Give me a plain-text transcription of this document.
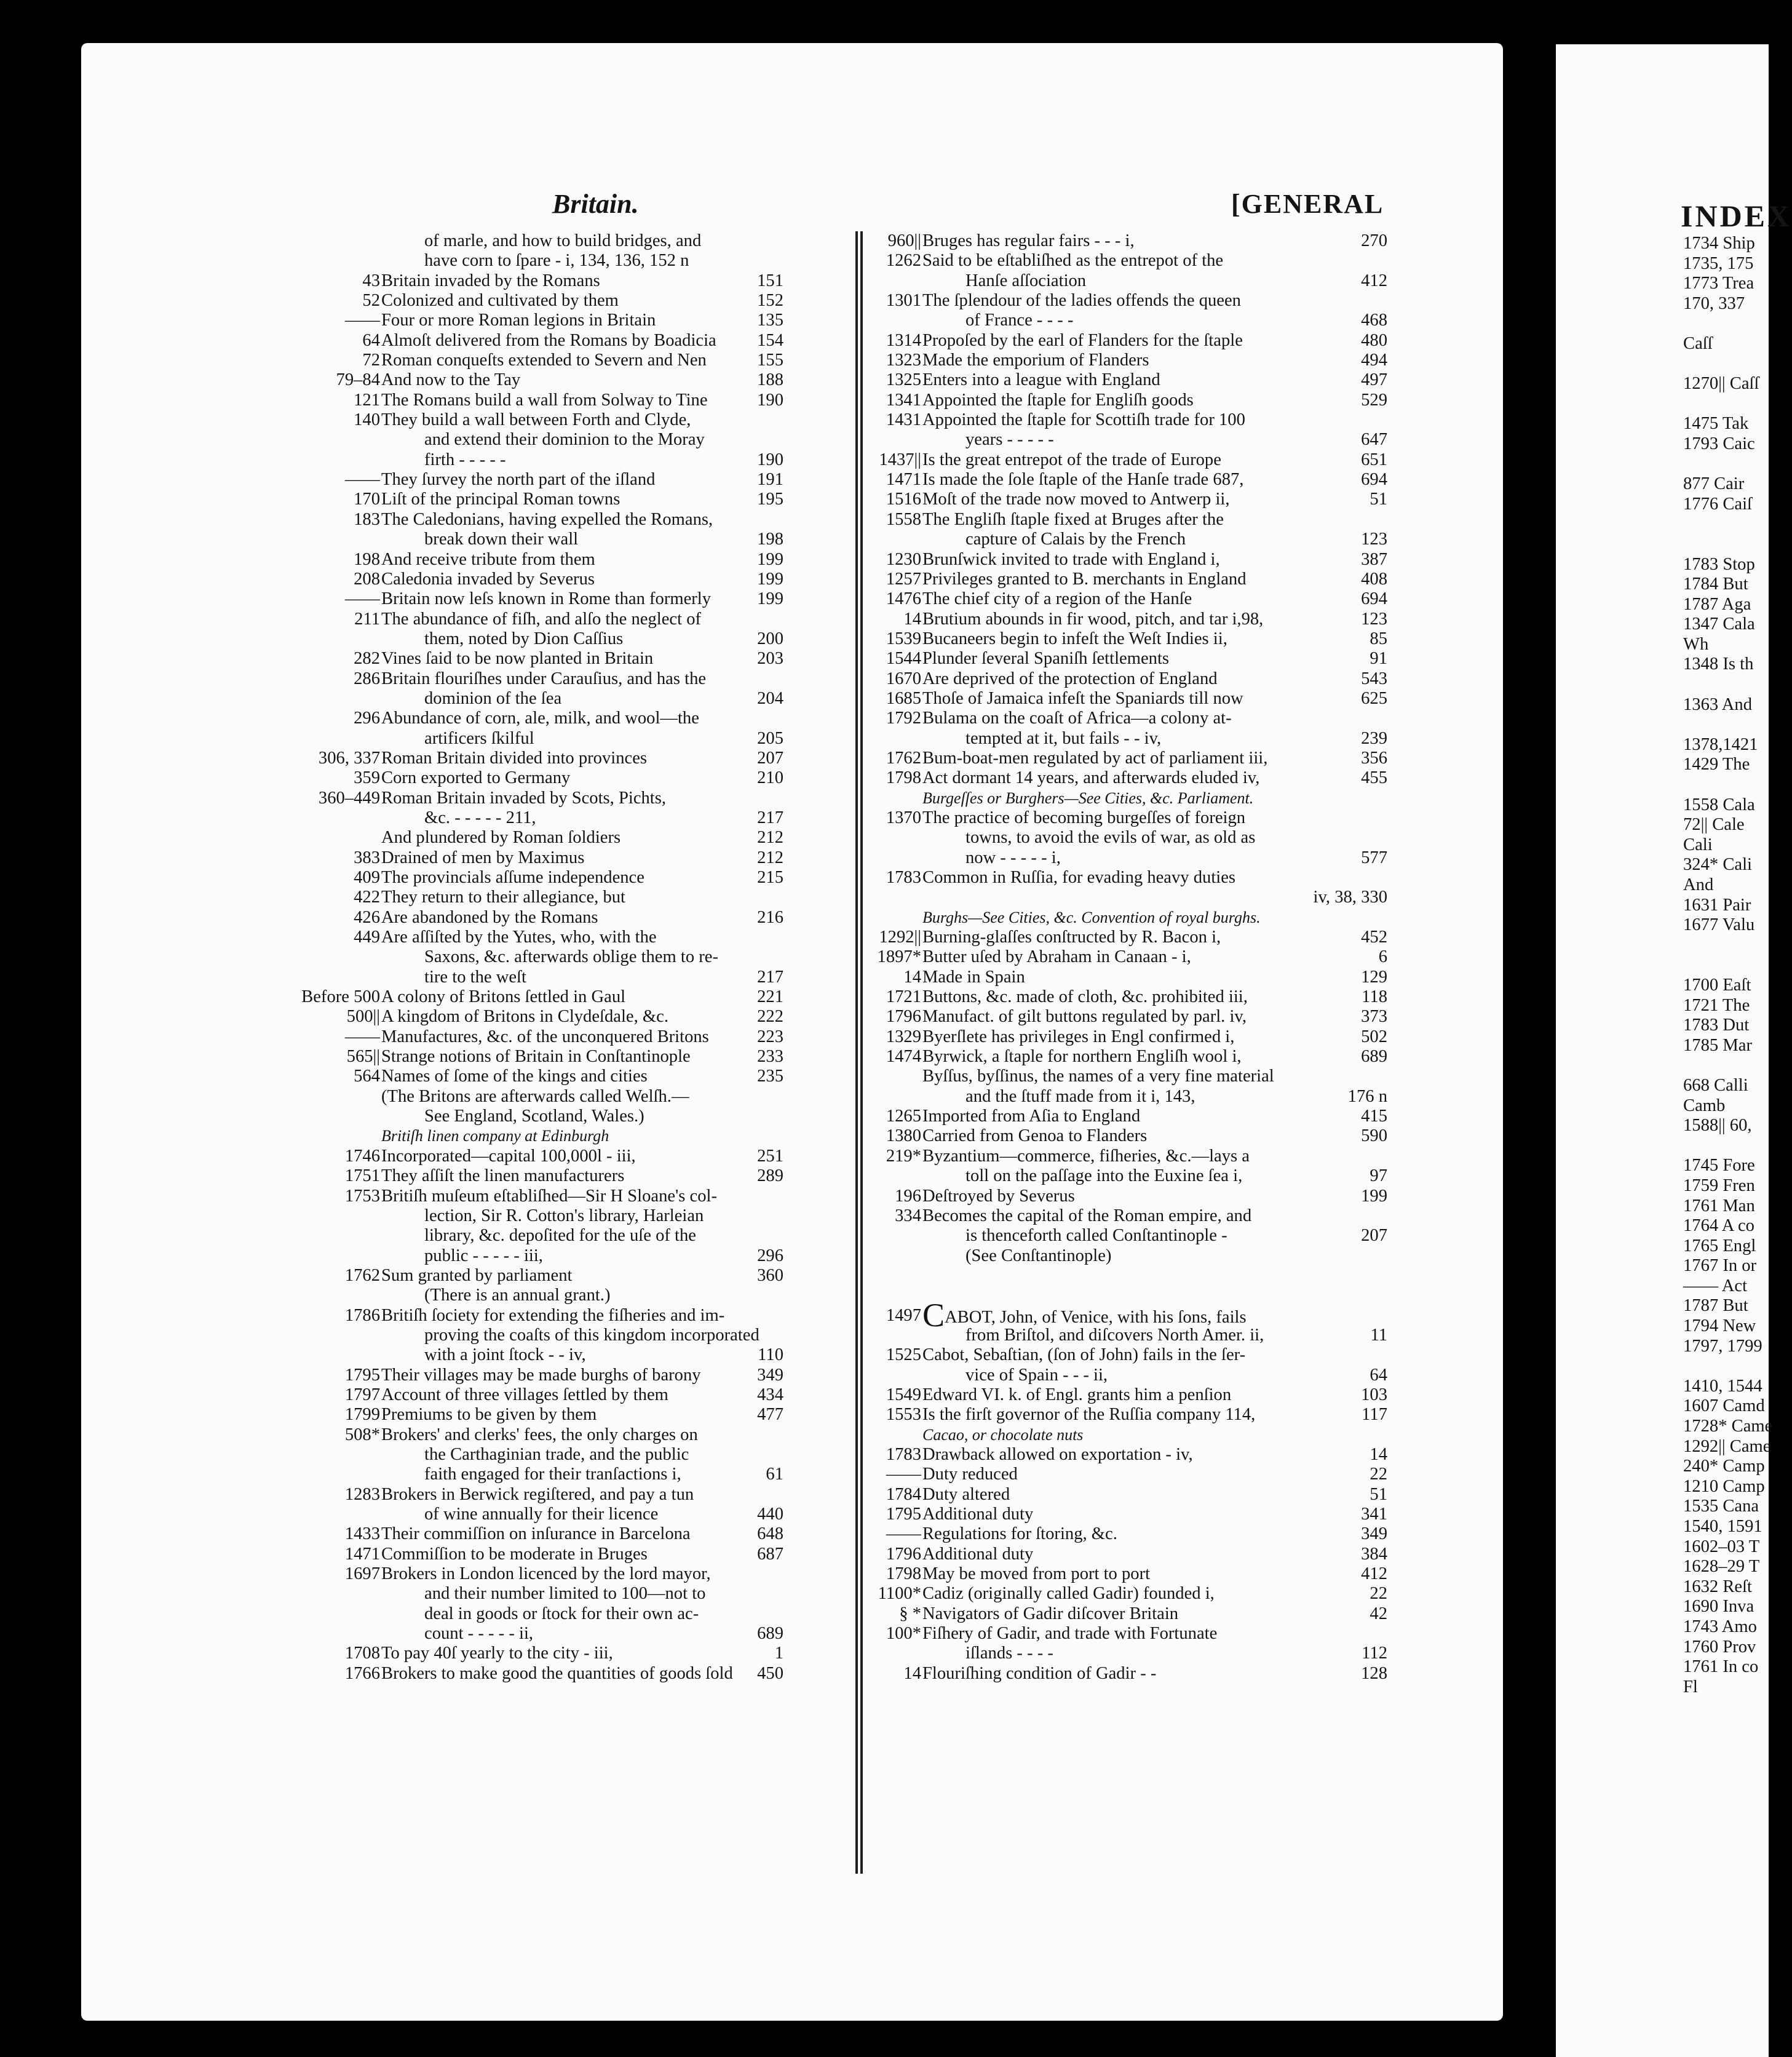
Britain.	[GENERAL	INDEX
of marle, and how to build bridges, and
have corn to ſpare - i, 134, 136, 152 n
43 Britain invaded by the Romans	151
52 Colonized and cultivated by them	152
—— Four or more Roman legions in Britain	135
64 Almoſt delivered from the Romans by Boadicia 154
72 Roman conqueſts extended to Severn and Nen	155
79–84 And now to the Tay	188
121 The Romans build a wall from Solway to Tine	190
140 They build a wall between Forth and Clyde,
and extend their dominion to the Moray
firth - - - - -	190
—— They ſurvey the north part of the iſland	191
170 Liſt of the principal Roman towns	195
183 The Caledonians, having expelled the Romans,
break down their wall	198
198 And receive tribute from them	199
208 Caledonia invaded by Severus	199
—— Britain now leſs known in Rome than formerly	199
211 The abundance of fiſh, and alſo the neglect of
them, noted by Dion Caſſius	200
282 Vines ſaid to be now planted in Britain	203
286 Britain flouriſhes under Carauſius, and has the
dominion of the ſea	204
296 Abundance of corn, ale, milk, and wool—the
artificers ſkilful	205
306, 337 Roman Britain divided into provinces	207
359 Corn exported to Germany	210
360–449 Roman Britain invaded by Scots, Pichts,
&c. - - - - - 211,	217
And plundered by Roman ſoldiers	212
383 Drained of men by Maximus	212
409 The provincials aſſume independence	215
422 They return to their allegiance, but
426 Are abandoned by the Romans	216
449 Are aſſiſted by the Yutes, who, with the
Saxons, &c. afterwards oblige them to re-
tire to the weſt	217
Before 500 A colony of Britons ſettled in Gaul	221
500|| A kingdom of Britons in Clydeſdale, &c.	222
—— Manufactures, &c. of the unconquered Britons	223
565|| Strange notions of Britain in Conſtantinople	233
564 Names of ſome of the kings and cities	235
(The Britons are afterwards called Welſh.—
See England, Scotland, Wales.)
Britiſh linen company at Edinburgh
1746 Incorporated—capital 100,000l - iii,	251
1751 They aſſiſt the linen manufacturers	289
1753 Britiſh muſeum eſtabliſhed—Sir H Sloane's col-
lection, Sir R. Cotton's library, Harleian
library, &c. depoſited for the uſe of the
public - - - - - iii,	296
1762 Sum granted by parliament	360
(There is an annual grant.)
1786 Britiſh ſociety for extending the fiſheries and im-
proving the coaſts of this kingdom incorporated
with a joint ſtock - - iv,	110
1795 Their villages may be made burghs of barony	349
1797 Account of three villages ſettled by them	434
1799 Premiums to be given by them	477
508* Brokers' and clerks' fees, the only charges on
the Carthaginian trade, and the public
faith engaged for their tranſactions i,	61
1283 Brokers in Berwick regiſtered, and pay a tun
of wine annually for their licence	440
1433 Their commiſſion on inſurance in Barcelona	648
1471 Commiſſion to be moderate in Bruges	687
1697 Brokers in London licenced by the lord mayor,
and their number limited to 100—not to
deal in goods or ſtock for their own ac-
count - - - - - ii,	689
1708 To pay 40ſ yearly to the city - iii,	1
1766 Brokers to make good the quantities of goods ſold 450
960|| Bruges has regular fairs - - - i,	270
1262 Said to be eſtabliſhed as the entrepot of the
Hanſe aſſociation	412
1301 The ſplendour of the ladies offends the queen
of France - - - -	468
1314 Propoſed by the earl of Flanders for the ſtaple	480
1323 Made the emporium of Flanders	494
1325 Enters into a league with England	497
1341 Appointed the ſtaple for Engliſh goods	529
1431 Appointed the ſtaple for Scottiſh trade for 100
years - - - - -	647
1437|| Is the great entrepot of the trade of Europe	651
1471 Is made the ſole ſtaple of the Hanſe trade 687,	694
1516 Moſt of the trade now moved to Antwerp ii,	51
1558 The Engliſh ſtaple fixed at Bruges after the
capture of Calais by the French	123
1230 Brunſwick invited to trade with England i,	387
1257 Privileges granted to B. merchants in England	408
1476 The chief city of a region of the Hanſe	694
14 Brutium abounds in fir wood, pitch, and tar i,98,	123
1539 Bucaneers begin to infeſt the Weſt Indies ii,	85
1544 Plunder ſeveral Spaniſh ſettlements	91
1670 Are deprived of the protection of England	543
1685 Thoſe of Jamaica infeſt the Spaniards till now	625
1792 Bulama on the coaſt of Africa—a colony at-
tempted at it, but fails - - iv,	239
1762 Bum-boat-men regulated by act of parliament iii,	356
1798 Act dormant 14 years, and afterwards eluded iv,	455
Burgeſſes or Burghers—See Cities, &c. Parliament.
1370 The practice of becoming burgeſſes of foreign
towns, to avoid the evils of war, as old as
now - - - - - i,	577
1783 Common in Ruſſia, for evading heavy duties
iv, 38, 330
Burghs—See Cities, &c. Convention of royal burghs.
1292|| Burning-glaſſes conſtructed by R. Bacon i,	452
1897* Butter uſed by Abraham in Canaan - i,	6
14 Made in Spain	129
1721 Buttons, &c. made of cloth, &c. prohibited iii,	118
1796 Manufact. of gilt buttons regulated by parl. iv,	373
1329 Byerſlete has privileges in Engl confirmed i,	502
1474 Byrwick, a ſtaple for northern Engliſh wool i,	689
Byſſus, byſſinus, the names of a very fine material
and the ſtuff made from it i, 143,	176 n
1265 Imported from Aſia to England	415
1380 Carried from Genoa to Flanders	590
219* Byzantium—commerce, fiſheries, &c.—lays a
toll on the paſſage into the Euxine ſea i,	97
196 Deſtroyed by Severus	199
334 Becomes the capital of the Roman empire, and
is thenceforth called Conſtantinople -	207
(See Conſtantinople)
1497 CABOT, John, of Venice, with his ſons, fails
from Briſtol, and diſcovers North Amer. ii,	11
1525 Cabot, Sebaſtian, (ſon of John) fails in the ſer-
vice of Spain - - - ii,	64
1549 Edward VI. k. of Engl. grants him a penſion	103
1553 Is the firſt governor of the Ruſſia company 114,	117
Cacao, or chocolate nuts
1783 Drawback allowed on exportation - iv,	14
—— Duty reduced	22
1784 Duty altered	51
1795 Additional duty	341
—— Regulations for ſtoring, &c.	349
1796 Additional duty	384
1798 May be moved from port to port	412
1100* Cadiz (originally called Gadir) founded i,	22
§ * Navigators of Gadir diſcover Britain	42
100* Fiſhery of Gadir, and trade with Fortunate
iſlands - - - -	112
14 Flouriſhing condition of Gadir - -	128
1734 Ship
1735, 175
1773 Trea
170, 337
Caſſ
1270|| Caſſ
1475 Tak
1793 Caic
877 Cair
1776 Caiſ
1783 Stop
1784 But
1787 Aga
1347 Cala
Wh
1348 Is th
1363 And
1378,1421
1429 The
1558 Cala
72|| Cale
Cali
324* Cali
And
1631 Pair
1677 Valu
1700 Eaſt
1721 The
1783 Dut
1785 Mar
668 Calli
Camb
1588|| 60,
1745 Fore
1759 Fren
1761 Man
1764 A co
1765 Engl
1767 In or
—— Act
1787 But
1794 New
1797, 1799
1410, 1544
1607 Camd
1728* Came
1292|| Came
240* Camp
1210 Camp
1535 Cana
1540, 1591
1602–03 T
1628–29 T
1632 Reſt
1690 Inva
1743 Amo
1760 Prov
1761 In co
Fl
